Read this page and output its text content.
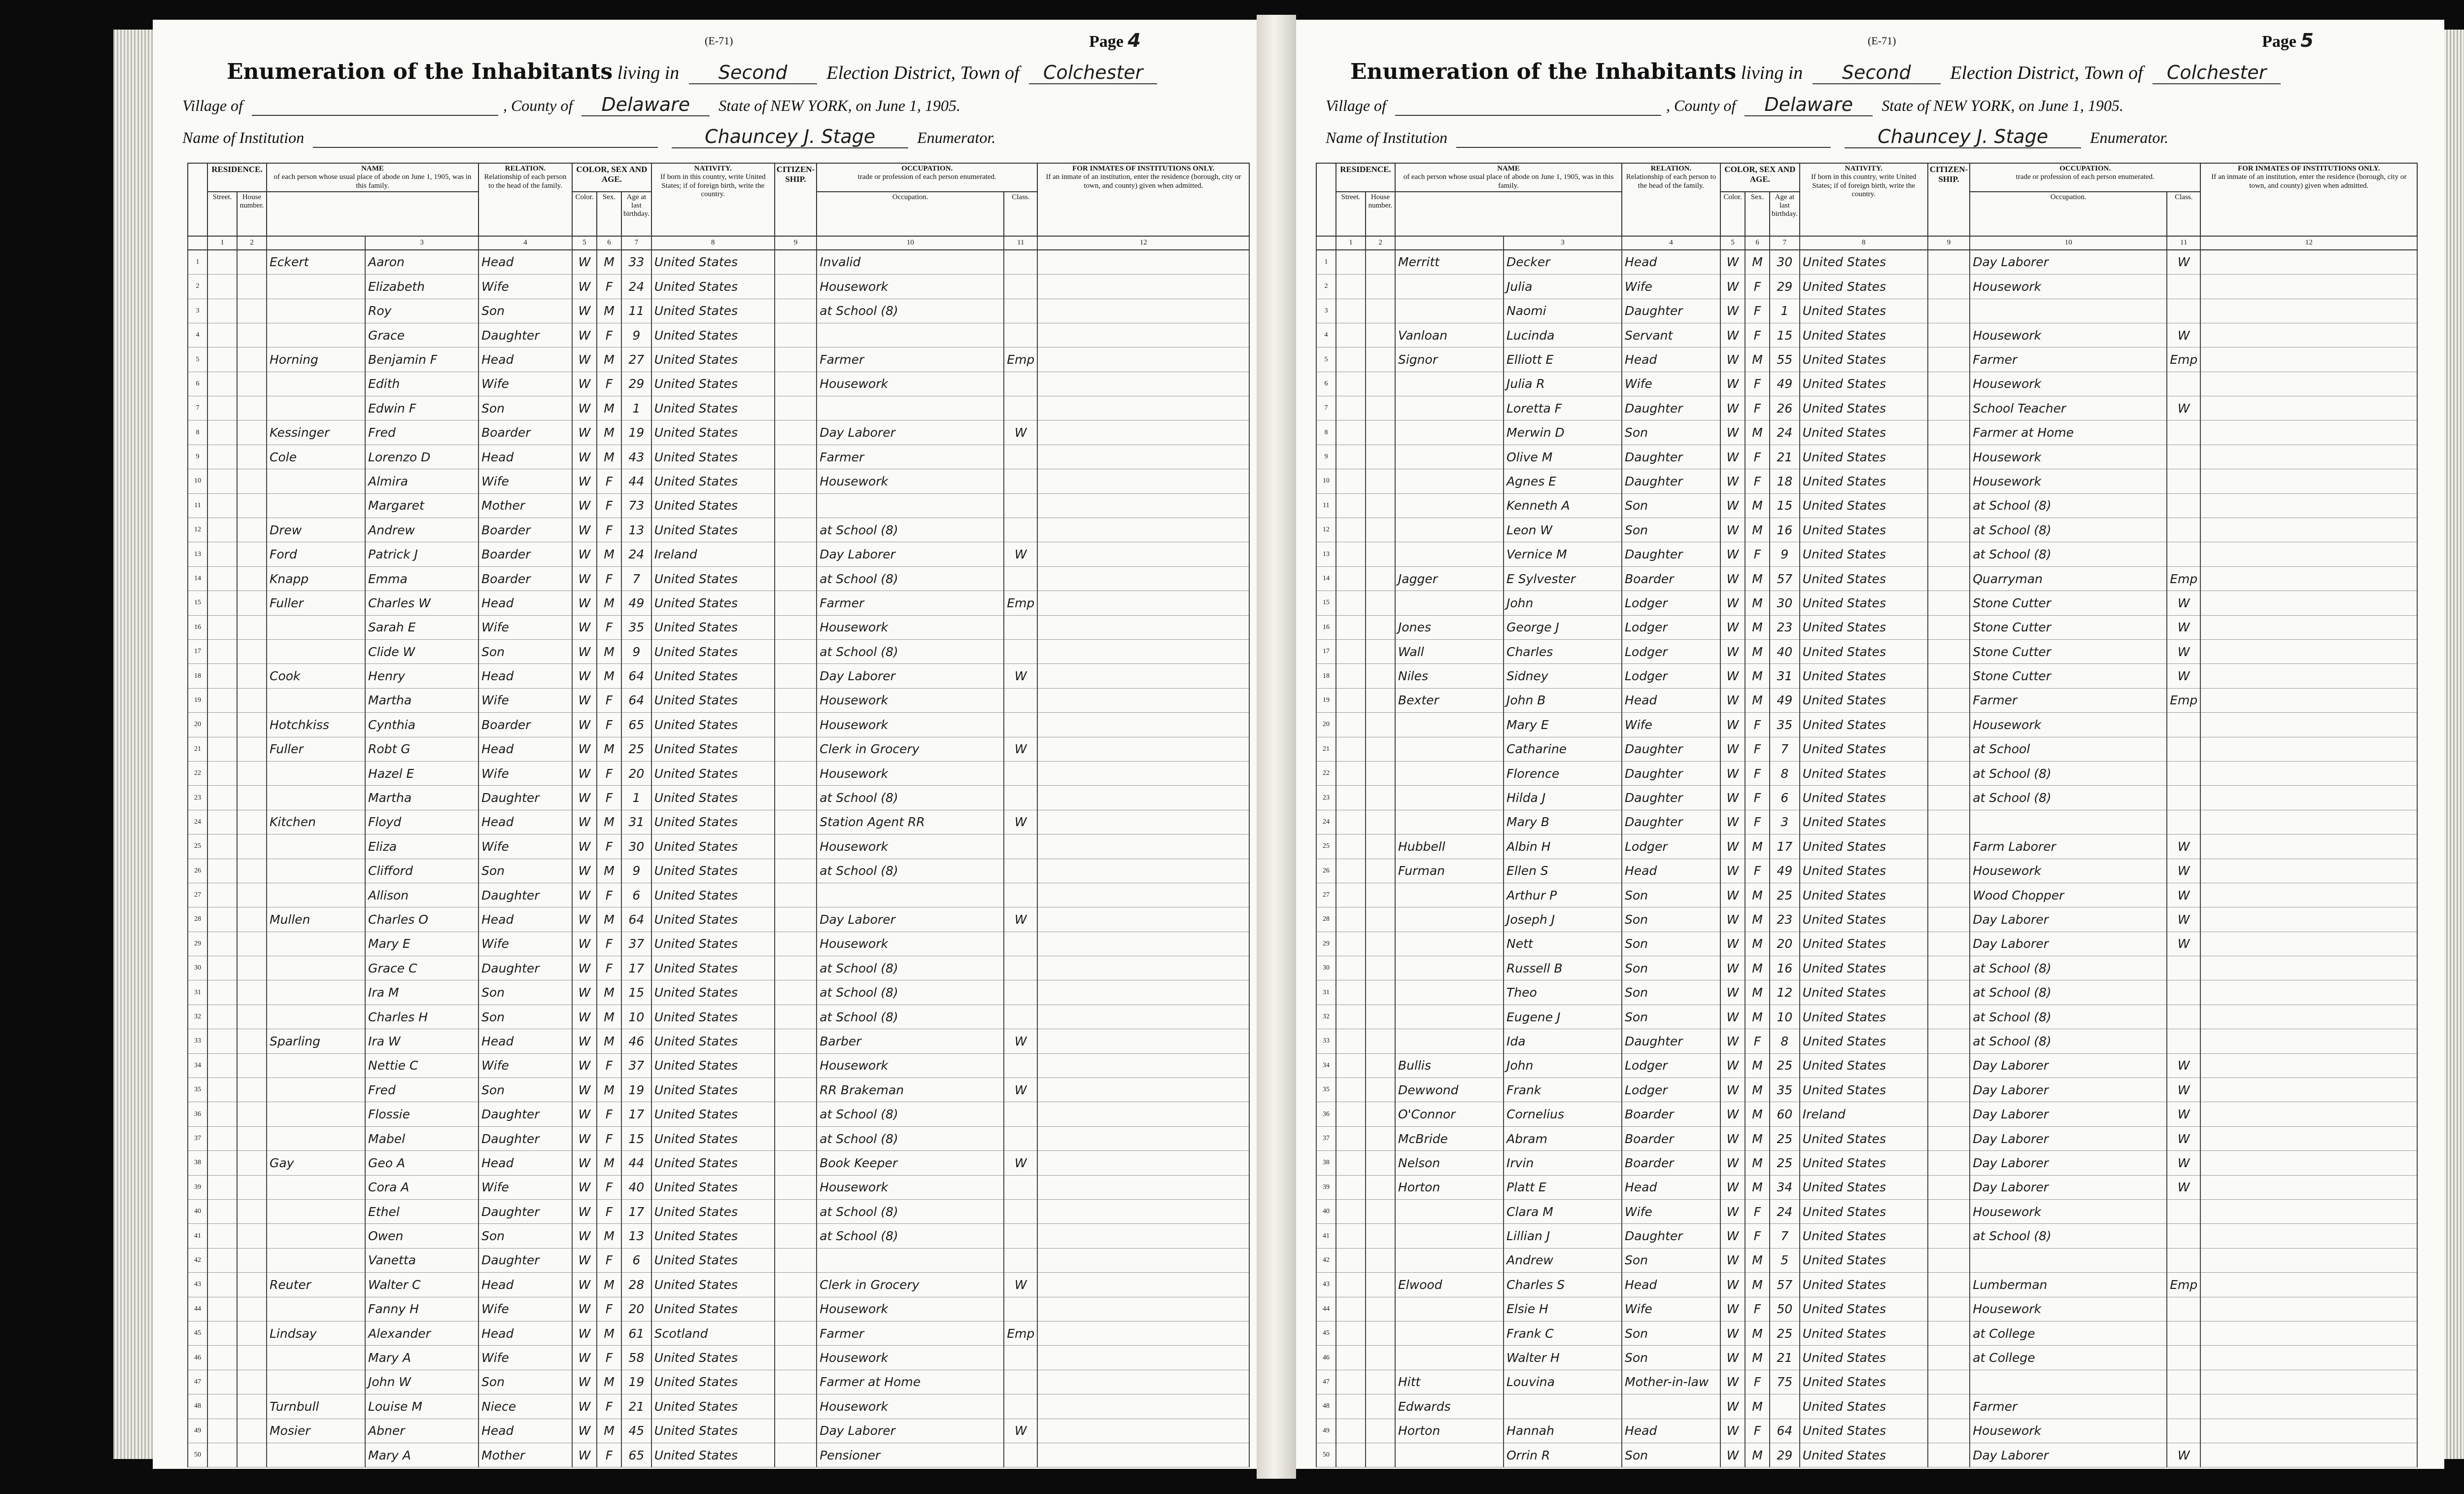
Page 4
(E-71)
Enumeration of the Inhabitants living in Second Election District, Town of Colchester
Village of	, County of Delaware State of NEW YORK, on June 1, 1905.
Name of Institution	Chauncey J. Stage	Enumerator.
	RESIDENCE.		NAME
of each person whose usual place of abode on June 1, 1905, was in this family.		RELATION.
Relationship of each person to the head of the family.	COLOR, SEX AND AGE.			NATIVITY.
If born in this country, write United States; if of foreign birth, write the country.	CITIZEN-SHIP.	OCCUPATION.
trade or profession of each person enumerated.		FOR INMATES OF INSTITUTIONS ONLY.
If an inmate of an institution, enter the residence (borough, city or town, and county) given when admitted.
	Street.	House number.				Color.	Sex.	Age at last birthday.			Occupation.	Class.	
	1	2		3	4	5	6	7	8	9	10	11	12
1			Eckert	Aaron	Head	W	M	33	United States		Invalid		
2				Elizabeth	Wife	W	F	24	United States		Housework		
3				Roy	Son	W	M	11	United States		at School (8)		
4				Grace	Daughter	W	F	9	United States				
5			Horning	Benjamin F	Head	W	M	27	United States		Farmer	Emp	
6				Edith	Wife	W	F	29	United States		Housework		
7				Edwin F	Son	W	M	1	United States				
8			Kessinger	Fred	Boarder	W	M	19	United States		Day Laborer	W	
9			Cole	Lorenzo D	Head	W	M	43	United States		Farmer		
10				Almira	Wife	W	F	44	United States		Housework		
11				Margaret	Mother	W	F	73	United States				
12			Drew	Andrew	Boarder	W	F	13	United States		at School (8)		
13			Ford	Patrick J	Boarder	W	M	24	Ireland		Day Laborer	W	
14			Knapp	Emma	Boarder	W	F	7	United States		at School (8)		
15			Fuller	Charles W	Head	W	M	49	United States		Farmer	Emp	
16				Sarah E	Wife	W	F	35	United States		Housework		
17				Clide W	Son	W	M	9	United States		at School (8)		
18			Cook	Henry	Head	W	M	64	United States		Day Laborer	W	
19				Martha	Wife	W	F	64	United States		Housework		
20			Hotchkiss	Cynthia	Boarder	W	F	65	United States		Housework		
21			Fuller	Robt G	Head	W	M	25	United States		Clerk in Grocery	W	
22				Hazel E	Wife	W	F	20	United States		Housework		
23				Martha	Daughter	W	F	1	United States		at School (8)		
24			Kitchen	Floyd	Head	W	M	31	United States		Station Agent RR	W	
25				Eliza	Wife	W	F	30	United States		Housework		
26				Clifford	Son	W	M	9	United States		at School (8)		
27				Allison	Daughter	W	F	6	United States				
28			Mullen	Charles O	Head	W	M	64	United States		Day Laborer	W	
29				Mary E	Wife	W	F	37	United States		Housework		
30				Grace C	Daughter	W	F	17	United States		at School (8)		
31				Ira M	Son	W	M	15	United States		at School (8)		
32				Charles H	Son	W	M	10	United States		at School (8)		
33			Sparling	Ira W	Head	W	M	46	United States		Barber	W	
34				Nettie C	Wife	W	F	37	United States		Housework		
35				Fred	Son	W	M	19	United States		RR Brakeman	W	
36				Flossie	Daughter	W	F	17	United States		at School (8)		
37				Mabel	Daughter	W	F	15	United States		at School (8)		
38			Gay	Geo A	Head	W	M	44	United States		Book Keeper	W	
39				Cora A	Wife	W	F	40	United States		Housework		
40				Ethel	Daughter	W	F	17	United States		at School (8)		
41				Owen	Son	W	M	13	United States		at School (8)		
42				Vanetta	Daughter	W	F	6	United States				
43			Reuter	Walter C	Head	W	M	28	United States		Clerk in Grocery	W	
44				Fanny H	Wife	W	F	20	United States		Housework		
45			Lindsay	Alexander	Head	W	M	61	Scotland		Farmer	Emp	
46				Mary A	Wife	W	F	58	United States		Housework		
47				John W	Son	W	M	19	United States		Farmer at Home		
48			Turnbull	Louise M	Niece	W	F	21	United States		Housework		
49			Mosier	Abner	Head	W	M	45	United States		Day Laborer	W	
50				Mary A	Mother	W	F	65	United States		Pensioner		
Page 5
(E-71)
Enumeration of the Inhabitants living in Second Election District, Town of Colchester
Village of	, County of Delaware State of NEW YORK, on June 1, 1905.
Name of Institution	Chauncey J. Stage	Enumerator.
	RESIDENCE.		NAME
of each person whose usual place of abode on June 1, 1905, was in this family.		RELATION.
Relationship of each person to the head of the family.	COLOR, SEX AND AGE.			NATIVITY.
If born in this country, write United States; if of foreign birth, write the country.	CITIZEN-SHIP.	OCCUPATION.
trade or profession of each person enumerated.		FOR INMATES OF INSTITUTIONS ONLY.
If an inmate of an institution, enter the residence (borough, city or town, and county) given when admitted.
	Street.	House number.				Color.	Sex.	Age at last birthday.			Occupation.	Class.	
	1	2		3	4	5	6	7	8	9	10	11	12
1			Merritt	Decker	Head	W	M	30	United States		Day Laborer	W	
2				Julia	Wife	W	F	29	United States		Housework		
3				Naomi	Daughter	W	F	1	United States				
4			Vanloan	Lucinda	Servant	W	F	15	United States		Housework	W	
5			Signor	Elliott E	Head	W	M	55	United States		Farmer	Emp	
6				Julia R	Wife	W	F	49	United States		Housework		
7				Loretta F	Daughter	W	F	26	United States		School Teacher	W	
8				Merwin D	Son	W	M	24	United States		Farmer at Home		
9				Olive M	Daughter	W	F	21	United States		Housework		
10				Agnes E	Daughter	W	F	18	United States		Housework		
11				Kenneth A	Son	W	M	15	United States		at School (8)		
12				Leon W	Son	W	M	16	United States		at School (8)		
13				Vernice M	Daughter	W	F	9	United States		at School (8)		
14			Jagger	E Sylvester	Boarder	W	M	57	United States		Quarryman	Emp	
15				John	Lodger	W	M	30	United States		Stone Cutter	W	
16			Jones	George J	Lodger	W	M	23	United States		Stone Cutter	W	
17			Wall	Charles	Lodger	W	M	40	United States		Stone Cutter	W	
18			Niles	Sidney	Lodger	W	M	31	United States		Stone Cutter	W	
19			Bexter	John B	Head	W	M	49	United States		Farmer	Emp	
20				Mary E	Wife	W	F	35	United States		Housework		
21				Catharine	Daughter	W	F	7	United States		at School		
22				Florence	Daughter	W	F	8	United States		at School (8)		
23				Hilda J	Daughter	W	F	6	United States		at School (8)		
24				Mary B	Daughter	W	F	3	United States				
25			Hubbell	Albin H	Lodger	W	M	17	United States		Farm Laborer	W	
26			Furman	Ellen S	Head	W	F	49	United States		Housework	W	
27				Arthur P	Son	W	M	25	United States		Wood Chopper	W	
28				Joseph J	Son	W	M	23	United States		Day Laborer	W	
29				Nett	Son	W	M	20	United States		Day Laborer	W	
30				Russell B	Son	W	M	16	United States		at School (8)		
31				Theo	Son	W	M	12	United States		at School (8)		
32				Eugene J	Son	W	M	10	United States		at School (8)		
33				Ida	Daughter	W	F	8	United States		at School (8)		
34			Bullis	John	Lodger	W	M	25	United States		Day Laborer	W	
35			Dewwond	Frank	Lodger	W	M	35	United States		Day Laborer	W	
36			O'Connor	Cornelius	Boarder	W	M	60	Ireland		Day Laborer	W	
37			McBride	Abram	Boarder	W	M	25	United States		Day Laborer	W	
38			Nelson	Irvin	Boarder	W	M	25	United States		Day Laborer	W	
39			Horton	Platt E	Head	W	M	34	United States		Day Laborer	W	
40				Clara M	Wife	W	F	24	United States		Housework		
41				Lillian J	Daughter	W	F	7	United States		at School (8)		
42				Andrew	Son	W	M	5	United States				
43			Elwood	Charles S	Head	W	M	57	United States		Lumberman	Emp	
44				Elsie H	Wife	W	F	50	United States		Housework		
45				Frank C	Son	W	M	25	United States		at College		
46				Walter H	Son	W	M	21	United States		at College		
47			Hitt	Louvina	Mother-in-law	W	F	75	United States				
48			Edwards			W	M		United States		Farmer		
49			Horton	Hannah	Head	W	F	64	United States		Housework		
50				Orrin R	Son	W	M	29	United States		Day Laborer	W	
